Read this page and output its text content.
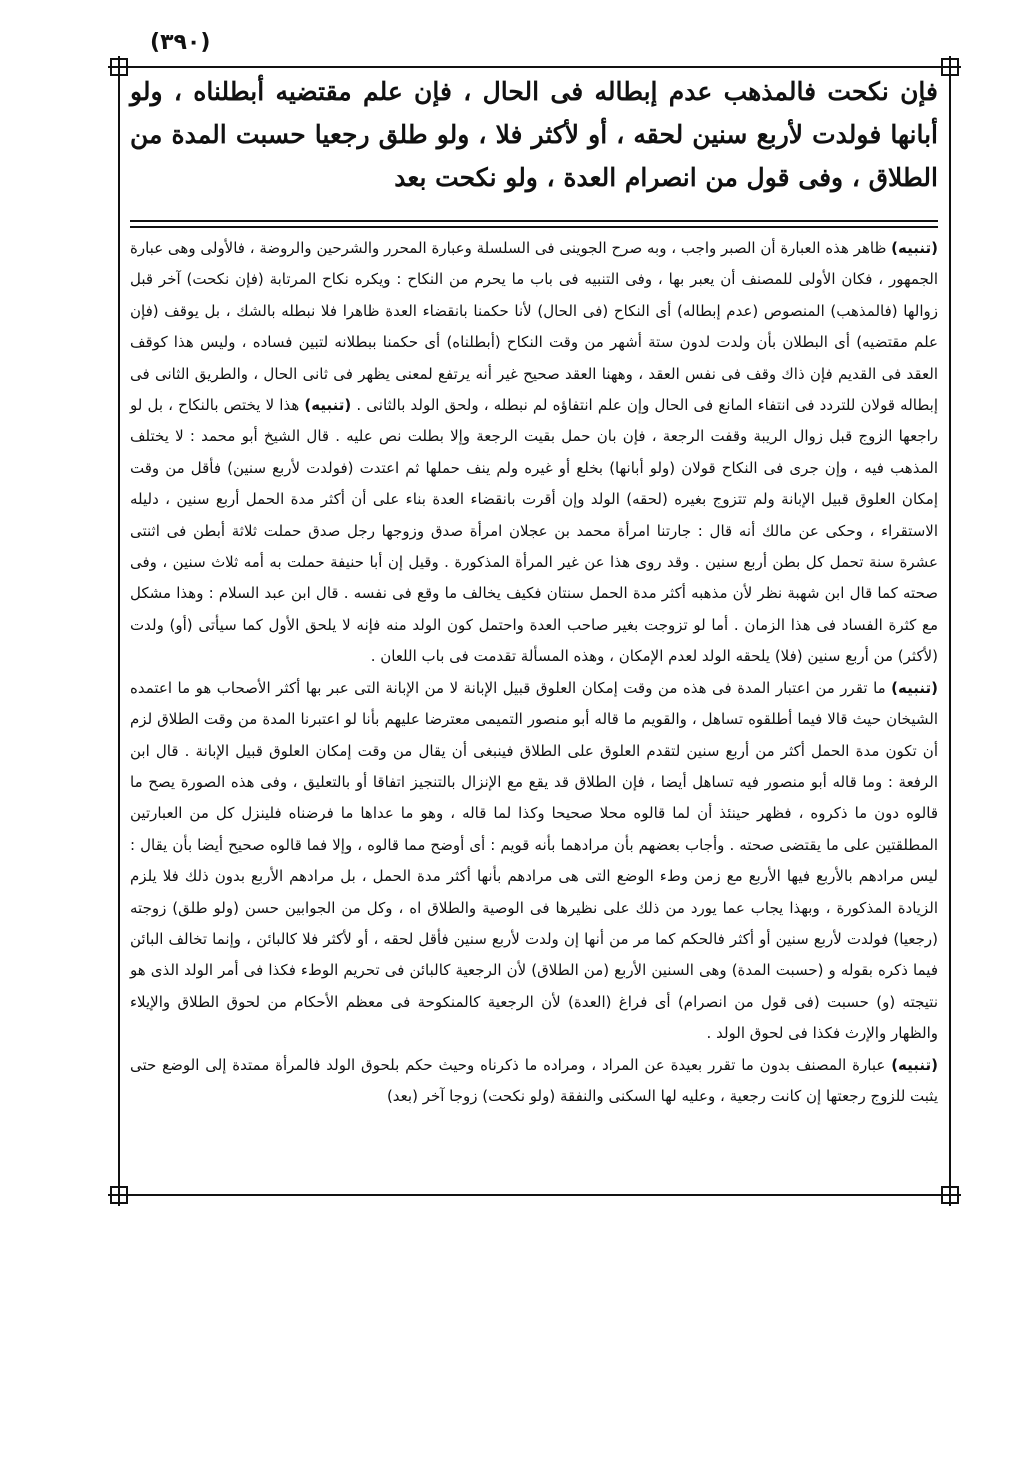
(٣٩٠)
فإن نكحت فالمذهب عدم إبطاله فى الحال ، فإن علم مقتضيه أبطلناه ، ولو أبانها فولدت لأربع سنين لحقه ، أو لأكثر فلا ، ولو طلق رجعيا حسبت المدة من الطلاق ، وفى قول من انصرام العدة ، ولو نكحت بعد

(تنبيه) ظاهر هذه العبارة أن الصبر واجب ، وبه صرح الجوينى فى السلسلة وعبارة المحرر والشرحين والروضة ، فالأولى وهى عبارة الجمهور ، فكان الأولى للمصنف أن يعبر بها ، وفى التنبيه فى باب ما يحرم من النكاح : ويكره نكاح المرتابة (فإن نكحت) آخر قبل زوالها (فالمذهب) المنصوص (عدم إبطاله) أى النكاح (فى الحال) لأنا حكمنا بانقضاء العدة ظاهرا فلا نبطله بالشك ، بل يوقف (فإن علم مقتضيه) أى البطلان بأن ولدت لدون ستة أشهر من وقت النكاح (أبطلناه) أى حكمنا ببطلانه لتبين فساده ، وليس هذا كوقف العقد فى القديم فإن ذاك وقف فى نفس العقد ، وههنا العقد صحيح غير أنه يرتفع لمعنى يظهر فى ثانى الحال ، والطريق الثانى فى إبطاله قولان للتردد فى انتفاء المانع فى الحال وإن علم انتفاؤه لم نبطله ، ولحق الولد بالثانى . (تنبيه) هذا لا يختص بالنكاح ، بل لو راجعها الزوج قبل زوال الريبة وقفت الرجعة ، فإن بان حمل بقيت الرجعة وإلا بطلت نص عليه . قال الشيخ أبو محمد : لا يختلف المذهب فيه ، وإن جرى فى النكاح قولان (ولو أبانها) بخلع أو غيره ولم ينف حملها ثم اعتدت (فولدت لأربع سنين) فأقل من وقت إمكان العلوق قبيل الإبانة ولم تتزوج بغيره (لحقه) الولد وإن أقرت بانقضاء العدة بناء على أن أكثر مدة الحمل أربع سنين ، دليله الاستقراء ، وحكى عن مالك أنه قال : جارتنا امرأة محمد بن عجلان امرأة صدق وزوجها رجل صدق حملت ثلاثة أبطن فى اثنتى عشرة سنة تحمل كل بطن أربع سنين . وقد روى هذا عن غير المرأة المذكورة . وقيل إن أبا حنيفة حملت به أمه ثلاث سنين ، وفى صحته كما قال ابن شهبة نظر لأن مذهبه أكثر مدة الحمل سنتان فكيف يخالف ما وقع فى نفسه . قال ابن عبد السلام : وهذا مشكل مع كثرة الفساد فى هذا الزمان . أما لو تزوجت بغير صاحب العدة واحتمل كون الولد منه فإنه لا يلحق الأول كما سيأتى (أو) ولدت (لأكثر) من أربع سنين (فلا) يلحقه الولد لعدم الإمكان ، وهذه المسألة تقدمت فى باب اللعان .

(تنبيه) ما تقرر من اعتبار المدة فى هذه من وقت إمكان العلوق قبيل الإبانة لا من الإبانة التى عبر بها أكثر الأصحاب هو ما اعتمده الشيخان حيث قالا فيما أطلقوه تساهل ، والقويم ما قاله أبو منصور التميمى معترضا عليهم بأنا لو اعتبرنا المدة من وقت الطلاق لزم أن تكون مدة الحمل أكثر من أربع سنين لتقدم العلوق على الطلاق فينبغى أن يقال من وقت إمكان العلوق قبيل الإبانة . قال ابن الرفعة : وما قاله أبو منصور فيه تساهل أيضا ، فإن الطلاق قد يقع مع الإنزال بالتنجيز اتفاقا أو بالتعليق ، وفى هذه الصورة يصح ما قالوه دون ما ذكروه ، فظهر حينئذ أن لما قالوه محلا صحيحا وكذا لما قاله ، وهو ما عداها ما فرضناه فلينزل كل من العبارتين المطلقتين على ما يقتضى صحته . وأجاب بعضهم بأن مرادهما بأنه قويم : أى أوضح مما قالوه ، وإلا فما قالوه صحيح أيضا بأن يقال : ليس مرادهم بالأربع فيها الأربع مع زمن وطء الوضع التى هى مرادهم بأنها أكثر مدة الحمل ، بل مرادهم الأربع بدون ذلك فلا يلزم الزيادة المذكورة ، وبهذا يجاب عما يورد من ذلك على نظيرها فى الوصية والطلاق اه ، وكل من الجوابين حسن (ولو طلق) زوجته (رجعيا) فولدت لأربع سنين أو أكثر فالحكم كما مر من أنها إن ولدت لأربع سنين فأقل لحقه ، أو لأكثر فلا كالبائن ، وإنما تخالف البائن فيما ذكره بقوله و (حسبت المدة) وهى السنين الأربع (من الطلاق) لأن الرجعية كالبائن فى تحريم الوطء فكذا فى أمر الولد الذى هو نتيجته (و) حسبت (فى قول من انصرام) أى فراغ (العدة) لأن الرجعية كالمنكوحة فى معظم الأحكام من لحوق الطلاق والإيلاء والظهار والإرث فكذا فى لحوق الولد .

(تنبيه) عبارة المصنف بدون ما تقرر بعيدة عن المراد ، ومراده ما ذكرناه وحيث حكم بلحوق الولد فالمرأة ممتدة إلى الوضع حتى يثبت للزوج رجعتها إن كانت رجعية ، وعليه لها السكنى والنفقة (ولو نكحت) زوجا آخر (بعد)
